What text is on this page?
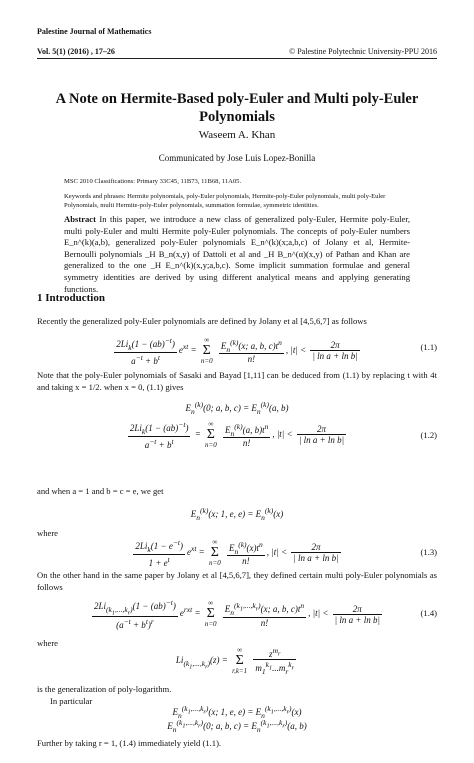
Palestine Journal of Mathematics
Vol. 5(1) (2016) , 17–26	© Palestine Polytechnic University-PPU 2016
A Note on Hermite-Based poly-Euler and Multi poly-Euler Polynomials
Waseem A. Khan
Communicated by Jose Luis Lopez-Bonilla
MSC 2010 Classifications: Primary 33C45, 11B73, 11B68, 11A05.
Keywords and phrases: Hermite polynomials, poly-Euler polynomials, Hermite-poly-Euler polynomials, multi poly-Euler Polynomials, multi Hermite-poly-Euler polynomials, summation formulae, symmetric identities.
Abstract In this paper, we introduce a new class of generalized poly-Euler, Hermite poly-Euler, multi poly-Euler and multi Hermite poly-Euler polynomials. The concepts of poly-Euler numbers E_n^(k)(a,b), generalized poly-Euler polynomials E_n^(k)(x;a,b,c) of Jolany et al, Hermite-Bernoulli polynomials _H B_n(x,y) of Dattoli et al and _H B_n^(α)(x,y) of Pathan and Khan are generalized to the one _H E_n^(k)(x,y;a,b,c). Some implicit summation formulae and general symmetry identities are derived by using different analytical means and applying generating functions.
1 Introduction
Recently the generalized poly-Euler polynomials are defined by Jolany et al [4,5,6,7] as follows
$\frac{2Li_k(1 - (ab)^{-t})}{a^{-t} + b^t} e^{xt}$ = ∞
Σ
$n=0 \frac{E_n^{(k)}(x; a, b, c)t^n}{n!}$ , $|t| < \frac{2\pi}{\text{| ln a + ln b|}}$	(1.1)
Note that the poly-Euler polynomials of Sasaki and Bayad [1,11] can be deduced from (1.1) by replacing t with 4t and taking x = 1/2. when x = 0, (1.1) gives
$E_n^{(k)}(0$; a, b, $c) = E_n^{(k)}(a$, b)
$\frac{2Li_k(1 - (ab)^{-t})}{a^{-t} + b^t}$ = ∞
Σ
$n=0 \frac{E_n^{(k)}(a, b)t^n}{n!}$ , $|t| < \frac{2\pi}{\text{| ln a + ln b|}}$	(1.2)
and when a = 1 and b = c = e, we get
$E_n^{(k)}(x$; 1, e, $e) = E_n^{(k)}(x)$
where
$\frac{2Li_k(1 - e^{-t})}{1 + e^t} e^{xt}$ = ∞
Σ
$n=0 \frac{E_n^{(k)}(x)t^n}{n!}$ , $|t| < \frac{2\pi}{\text{| ln a + ln b|}}$	(1.3)
On the other hand in the same paper by Jolany et al [4,5,6,7], they defined certain multi poly-Euler polynomials as follows
$\frac{2Li_{(k_1,...,k_r)}(1 - (ab)^{-t})}{(a^{-t} + b^t)^r} e^{rxt}$ = ∞
Σ
$n=0 \frac{E_n^{(k_1,...,k_r)}(x; a, b, c)t^n}{n!}$ , $|t| < \frac{2\pi}{\text{| ln a + ln b|}}$	(1.4)
where
$Li_{(k_1,...,k_r)}(z)$ = ∞
Σ
$r,k=1 \frac{z^{m_r}}{m_1^{k_1}...m_r^{k_r}}$
is the generalization of poly-logarithm.
In particular
$E_n^{(k_1,...,k_r)}(x$; 1, e, $e) = E_n^{(k_1,...,k_r)}(x)$
$E_n^{(k_1,...,k_r)}(0$; a, b, $c) = E_n^{(k_1,...,k_r)}(a$, b)
Further by taking r = 1, (1.4) immediately yield (1.1).
